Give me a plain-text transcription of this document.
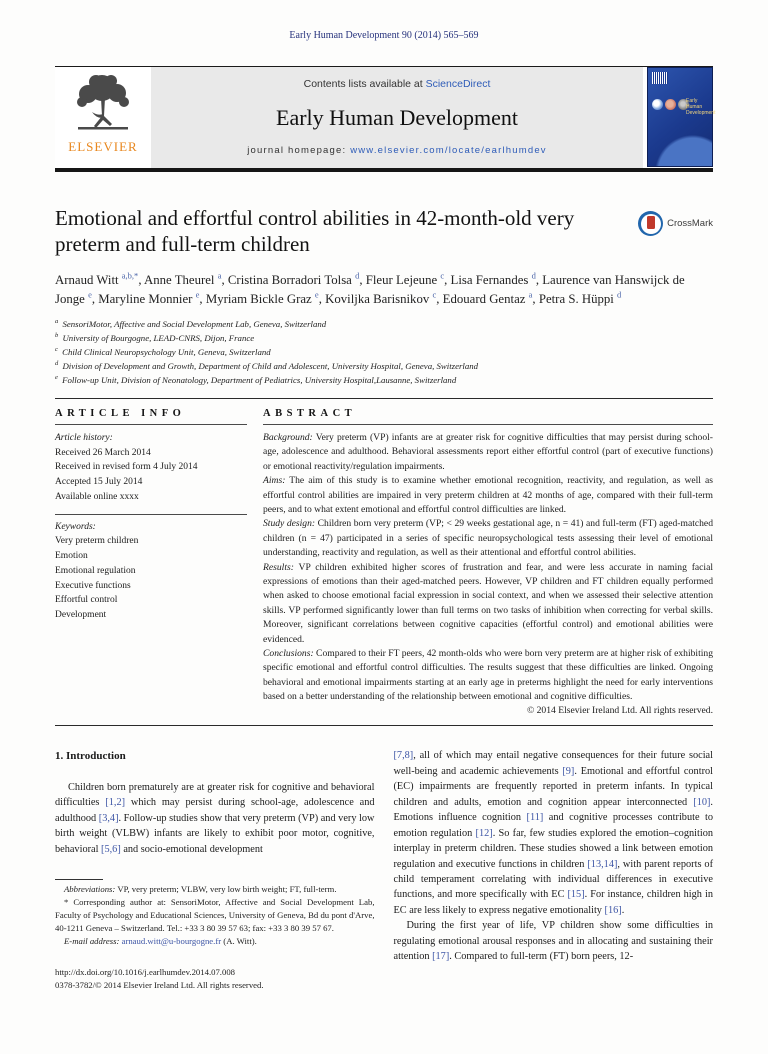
Early Human Development 90 (2014) 565–569
ELSEVIER
Contents lists available at ScienceDirect
Early Human Development
journal homepage: www.elsevier.com/locate/earlhumdev
Early Human Development
Emotional and effortful control abilities in 42-month-old very preterm and full-term children
CrossMark
Arnaud Witt $^{a,b,*}$, Anne Theurel $^a$, Cristina Borradori Tolsa $^d$, Fleur Lejeune $^c$, Lisa Fernandes $^d$, Laurence van Hanswijck de Jonge $^e$, Maryline Monnier $^e$, Myriam Bickle Graz $^e$, Koviljka Barisnikov $^c$, Edouard Gentaz $^a$, Petra S. Hüppi $^d$
$^a$ SensoriMotor, Affective and Social Development Lab, Geneva, Switzerland
$^b$ University of Bourgogne, LEAD-CNRS, Dijon, France
$^c$ Child Clinical Neuropsychology Unit, Geneva, Switzerland
$^d$ Division of Development and Growth, Department of Child and Adolescent, University Hospital, Geneva, Switzerland
$^e$ Follow-up Unit, Division of Neonatology, Department of Pediatrics, University Hospital,Lausanne, Switzerland
ARTICLE INFO
Article history:
Received 26 March 2014
Received in revised form 4 July 2014
Accepted 15 July 2014
Available online xxxx
Keywords:
Very preterm children
Emotion
Emotional regulation
Executive functions
Effortful control
Development
ABSTRACT
Background: Very preterm (VP) infants are at greater risk for cognitive difficulties that may persist during school-age, adolescence and adulthood. Behavioral assessments report either effortful control (part of executive functions) or emotional reactivity/regulation impairments.
Aims: The aim of this study is to examine whether emotional recognition, reactivity, and regulation, as well as effortful control abilities are impaired in very preterm children at 42 months of age, compared with their full-term peers, and to what extent emotional and effortful control difficulties are linked.
Study design: Children born very preterm (VP; < 29 weeks gestational age, n = 41) and full-term (FT) aged-matched children (n = 47) participated in a series of specific neuropsychological tests assessing their level of emotional understanding, reactivity and regulation, as well as their attentional and effortful control abilities.
Results: VP children exhibited higher scores of frustration and fear, and were less accurate in naming facial expressions of emotions than their aged-matched peers. However, VP children and FT children equally performed when asked to choose emotional facial expression in social context, and when we assessed their selective attention skills. VP performed significantly lower than full terms on two tasks of inhibition when correcting for verbal skills. Moreover, significant correlations between cognitive capacities (effortful control) and emotional abilities were evidenced.
Conclusions: Compared to their FT peers, 42 month-olds who were born very preterm are at higher risk of exhibiting specific emotional and effortful control difficulties. The results suggest that these difficulties are linked. Ongoing behavioral and emotional impairments starting at an early age in preterms highlight the need for early interventions based on a better understanding of the relationship between emotional and cognitive difficulties.
© 2014 Elsevier Ireland Ltd. All rights reserved.
1. Introduction

Children born prematurely are at greater risk for cognitive and behavioral difficulties [1,2] which may persist during school-age, adolescence and adulthood [3,4]. Follow-up studies show that very preterm (VP) and very low birth weight (VLBW) infants are likely to exhibit poor motor, cognitive, behavioral [5,6] and socio-emotional development

Abbreviations: VP, very preterm; VLBW, very low birth weight; FT, full-term.

* Corresponding author at: SensoriMotor, Affective and Social Development Lab, Faculty of Psychology and Educational Sciences, University of Geneva, Bd du pont d'Arve, 40-1211 Geneva – Switzerland. Tel.: +33 3 80 39 57 63; fax: +33 3 80 39 57 67.

E-mail address: arnaud.witt@u-bourgogne.fr (A. Witt).

http://dx.doi.org/10.1016/j.earlhumdev.2014.07.008
0378-3782/© 2014 Elsevier Ireland Ltd. All rights reserved.

[7,8], all of which may entail negative consequences for their future social well-being and academic achievements [9]. Emotional and effortful control (EC) impairments are frequently reported in preterm infants. In typical children and adults, emotion and cognition appear interconnected [10]. Emotions influence cognition [11] and cognitive processes contribute to emotion regulation [12]. So far, few studies explored the emotion–cognition interplay in preterm children. These studies showed a link between emotion regulation and executive functions in children [13,14], with parent reports of child temperament correlating with individual differences in executive functions, and more specifically with EC [15]. For instance, children high in EC are less likely to express negative emotionality [16].

During the first year of life, VP children show some difficulties in regulating emotional arousal responses and in allocating and sustaining their attention [17]. Compared to full-term (FT) born peers, 12-
